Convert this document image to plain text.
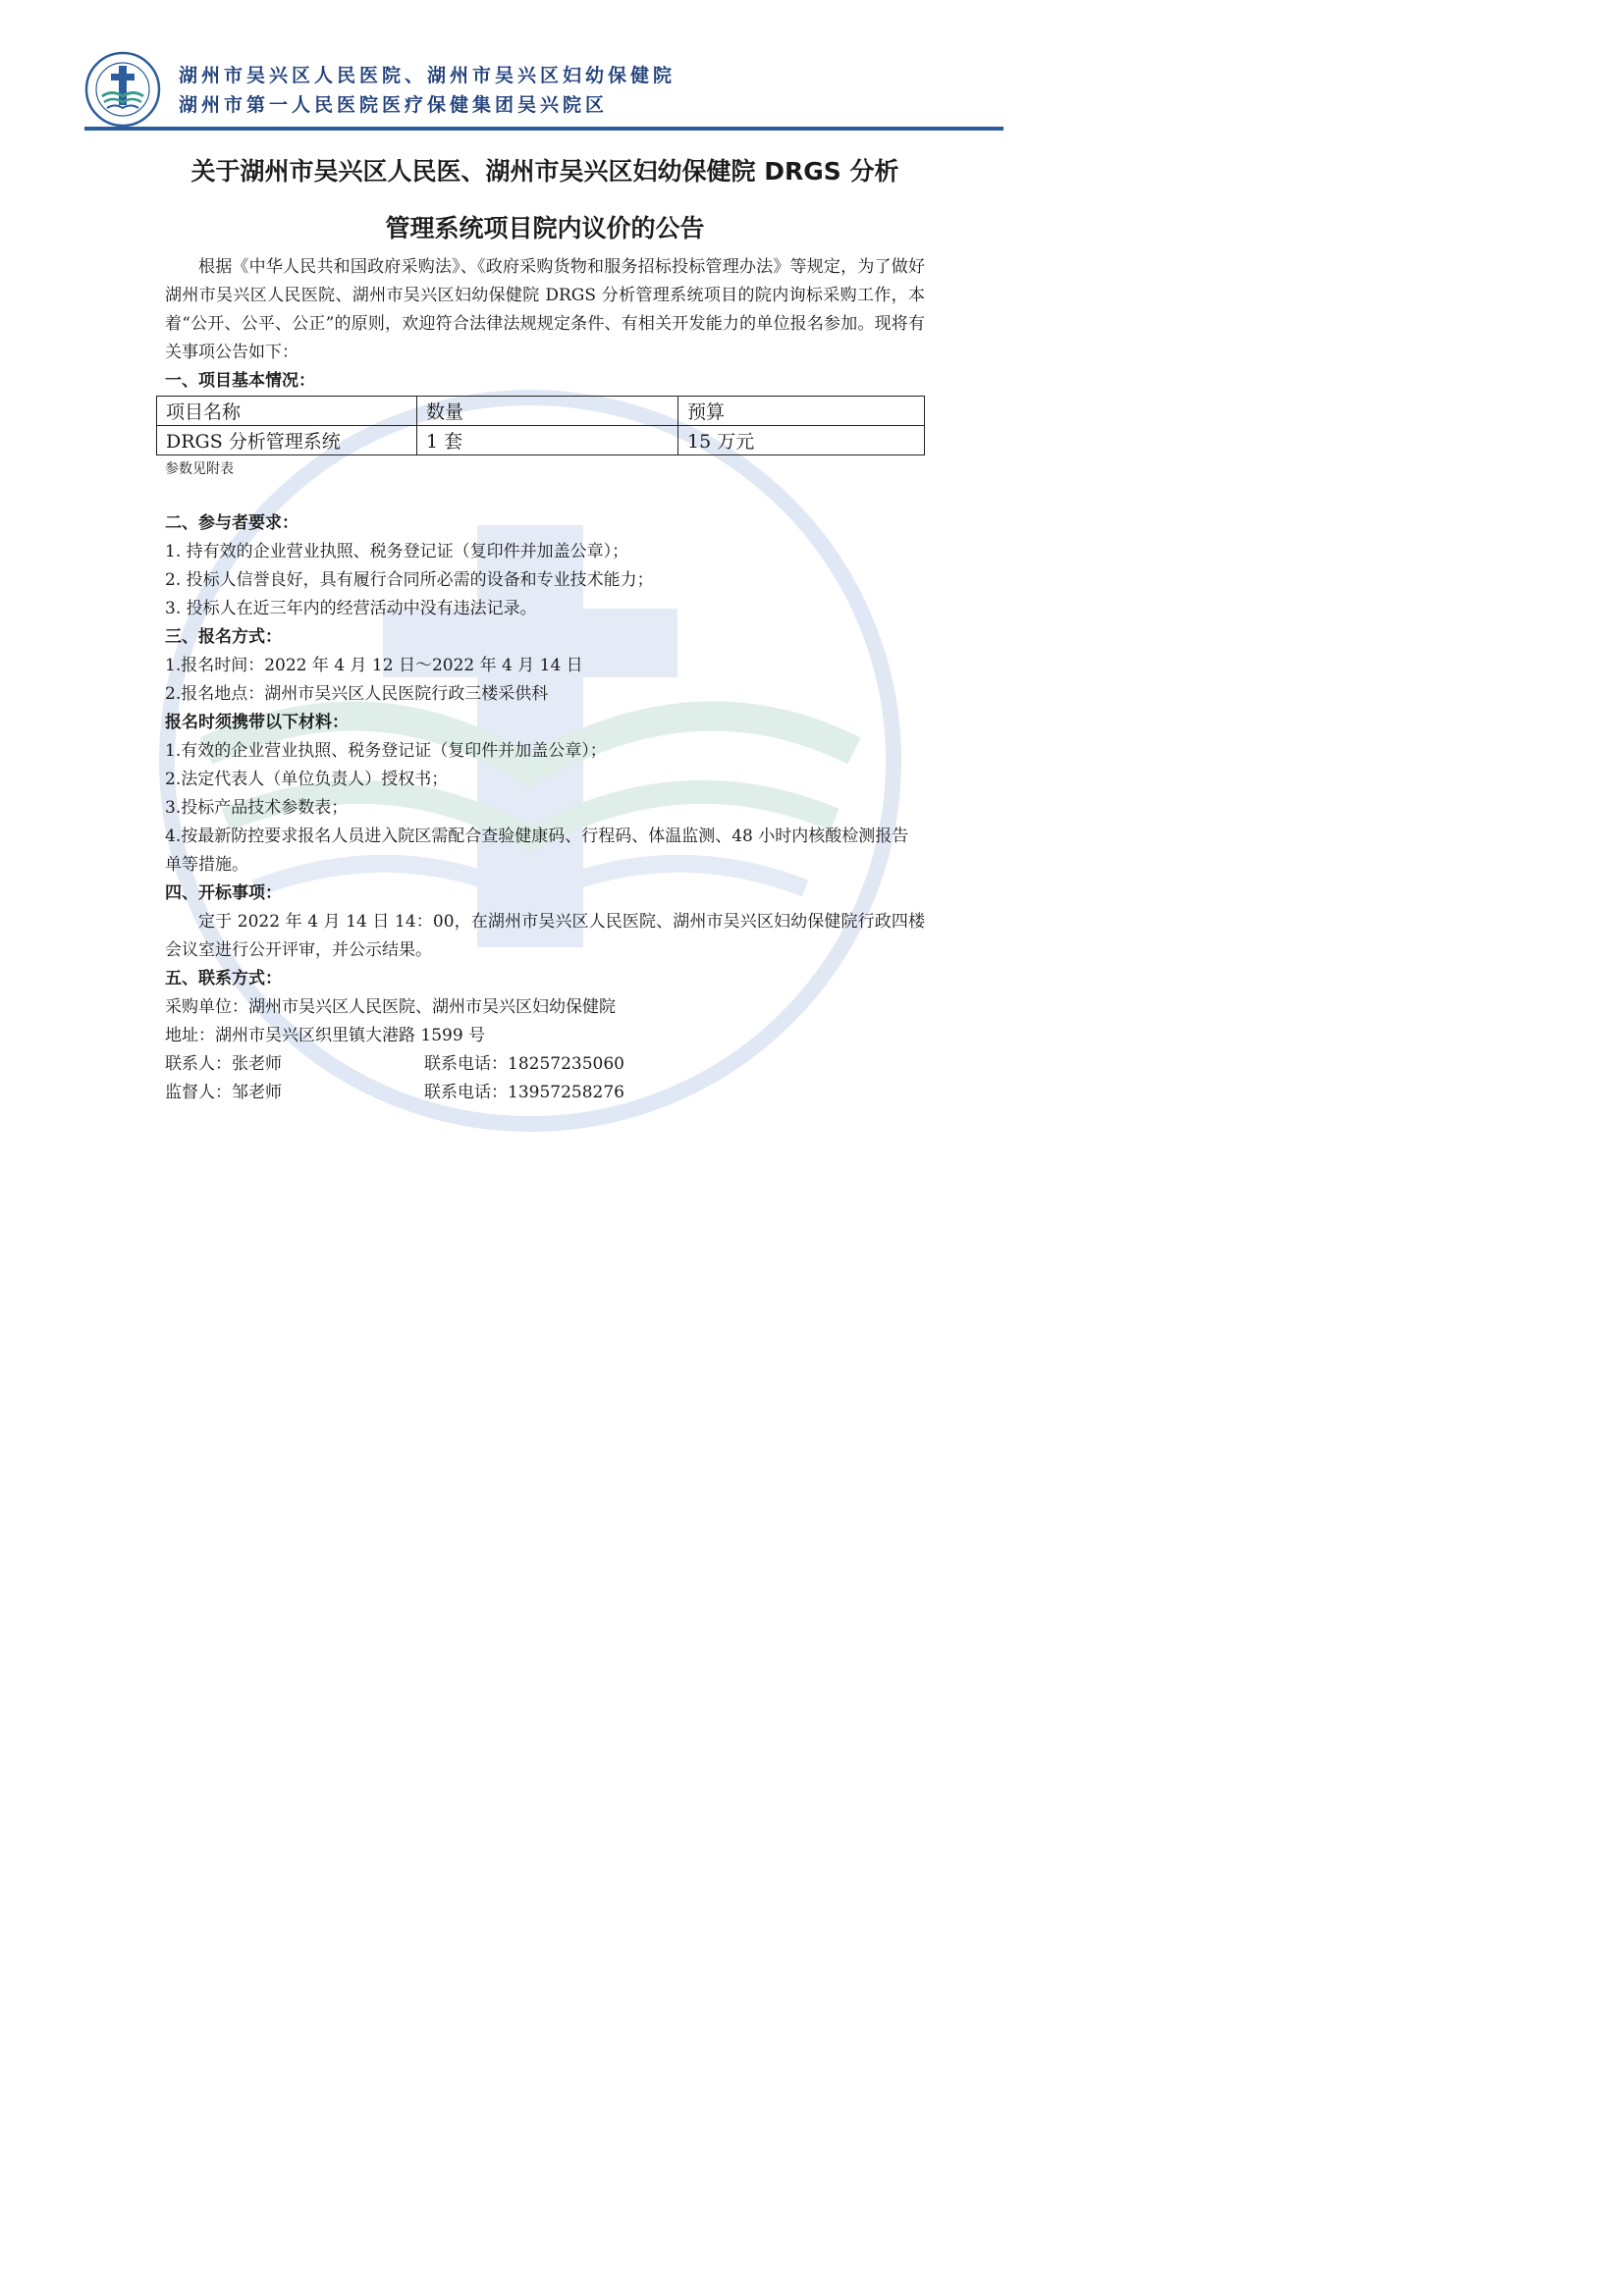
湖州市吴兴区人民医院、湖州市吴兴区妇幼保健院
湖州市第一人民医院医疗保健集团吴兴院区
关于湖州市吴兴区人民医、湖州市吴兴区妇幼保健院 DRGS 分析
管理系统项目院内议价的公告

根据《中华人民共和国政府采购法》、《政府采购货物和服务招标投标管理办法》等规定，为了做好湖州市吴兴区人民医院、湖州市吴兴区妇幼保健院 DRGS 分析管理系统项目的院内询标采购工作，本着“公开、公平、公正”的原则，欢迎符合法律法规规定条件、有相关开发能力的单位报名参加。现将有关事项公告如下：

一、项目基本情况：

项目名称	数量	预算
DRGS 分析管理系统	1 套	15 万元

参数见附表

二、参与者要求：

1. 持有效的企业营业执照、税务登记证（复印件并加盖公章）；

2. 投标人信誉良好，具有履行合同所必需的设备和专业技术能力；

3. 投标人在近三年内的经营活动中没有违法记录。

三、报名方式：

1.报名时间：2022 年 4 月 12 日～2022 年 4 月 14 日

2.报名地点：湖州市吴兴区人民医院行政三楼采供科

报名时须携带以下材料：

1.有效的企业营业执照、税务登记证（复印件并加盖公章）；

2.法定代表人（单位负责人）授权书；

3.投标产品技术参数表；

4.按最新防控要求报名人员进入院区需配合查验健康码、行程码、体温监测、48 小时内核酸检测报告单等措施。

四、开标事项：

定于 2022 年 4 月 14 日 14：00，在湖州市吴兴区人民医院、湖州市吴兴区妇幼保健院行政四楼会议室进行公开评审，并公示结果。

五、联系方式：

采购单位：湖州市吴兴区人民医院、湖州市吴兴区妇幼保健院

地址：湖州市吴兴区织里镇大港路 1599 号

联系人：张老师	联系电话：18257235060
监督人：邹老师	联系电话：13957258276
